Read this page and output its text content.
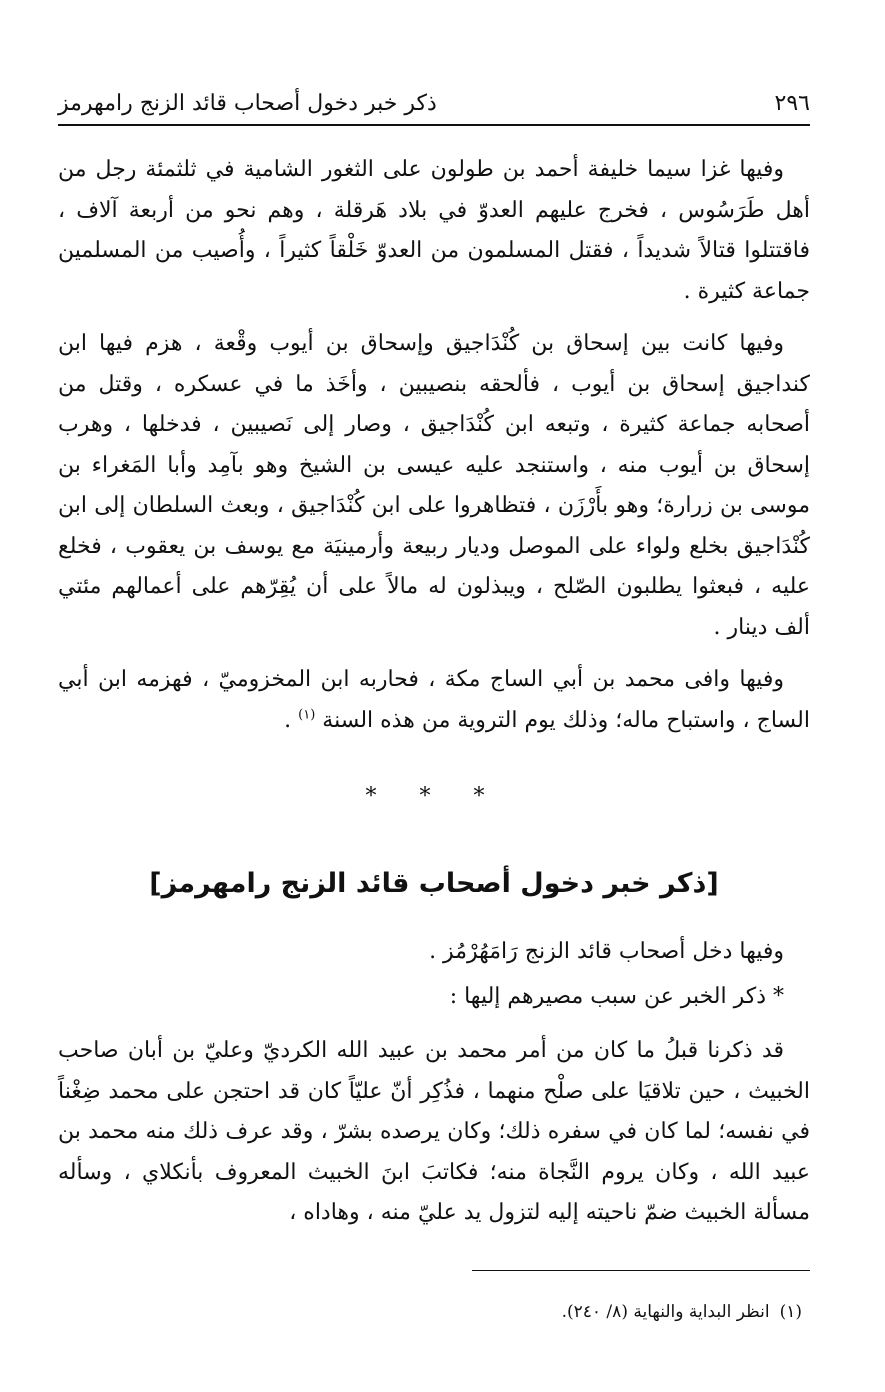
٢٩٦
ذكر خبر دخول أصحاب قائد الزنج رامهرمز

وفيها غزا سيما خليفة أحمد بن طولون على الثغور الشامية في ثلثمئة رجل من أهل طَرَسُوس ، فخرج عليهم العدوّ في بلاد هَرقلة ، وهم نحو من أربعة آلاف ، فاقتتلوا قتالاً شديداً ، فقتل المسلمون من العدوّ خَلْقاً كثيراً ، وأُصيب من المسلمين جماعة كثيرة .

وفيها كانت بين إسحاق بن كُنْدَاجيق وإسحاق بن أيوب وقْعة ، هزم فيها ابن كنداجيق إسحاق بن أيوب ، فألحقه بنصيبين ، وأخَذ ما في عسكره ، وقتل من أصحابه جماعة كثيرة ، وتبعه ابن كُنْدَاجيق ، وصار إلى نَصيبين ، فدخلها ، وهرب إسحاق بن أيوب منه ، واستنجد عليه عيسى بن الشيخ وهو بآمِد وأبا المَغراء بن موسى بن زرارة؛ وهو بأَرْزَن ، فتظاهروا على ابن كُنْدَاجيق ، وبعث السلطان إلى ابن كُنْدَاجيق بخلع ولواء على الموصل وديار ربيعة وأرمينيَة مع يوسف بن يعقوب ، فخلع عليه ، فبعثوا يطلبون الصّلح ، ويبذلون له مالاً على أن يُقِرّهم على أعمالهم مئتي ألف دينار .

وفيها وافى محمد بن أبي الساج مكة ، فحاربه ابن المخزوميّ ، فهزمه ابن أبي الساج ، واستباح ماله؛ وذلك يوم التروية من هذه السنة $^{(١)}$ .

* * *
[ذكر خبر دخول أصحاب قائد الزنج رامهرمز]

وفيها دخل أصحاب قائد الزنج رَامَهُرْمُز .

* ذكر الخبر عن سبب مصيرهم إليها :

قد ذكرنا قبلُ ما كان من أمر محمد بن عبيد الله الكرديّ وعليّ بن أبان صاحب الخبيث ، حين تلاقيَا على صلْح منهما ، فذُكِر أنّ عليّاً كان قد احتجن على محمد ضِغْناً في نفسه؛ لما كان في سفره ذلك؛ وكان يرصده بشرّ ، وقد عرف ذلك منه محمد بن عبيد الله ، وكان يروم النَّجاة منه؛ فكاتبَ ابنَ الخبيث المعروف بأنكلاي ، وسأله مسألة الخبيث ضمّ ناحيته إليه لتزول يد عليّ منه ، وهاداه ،

(١)انظر البداية والنهاية (٨/ ٢٤٠).
